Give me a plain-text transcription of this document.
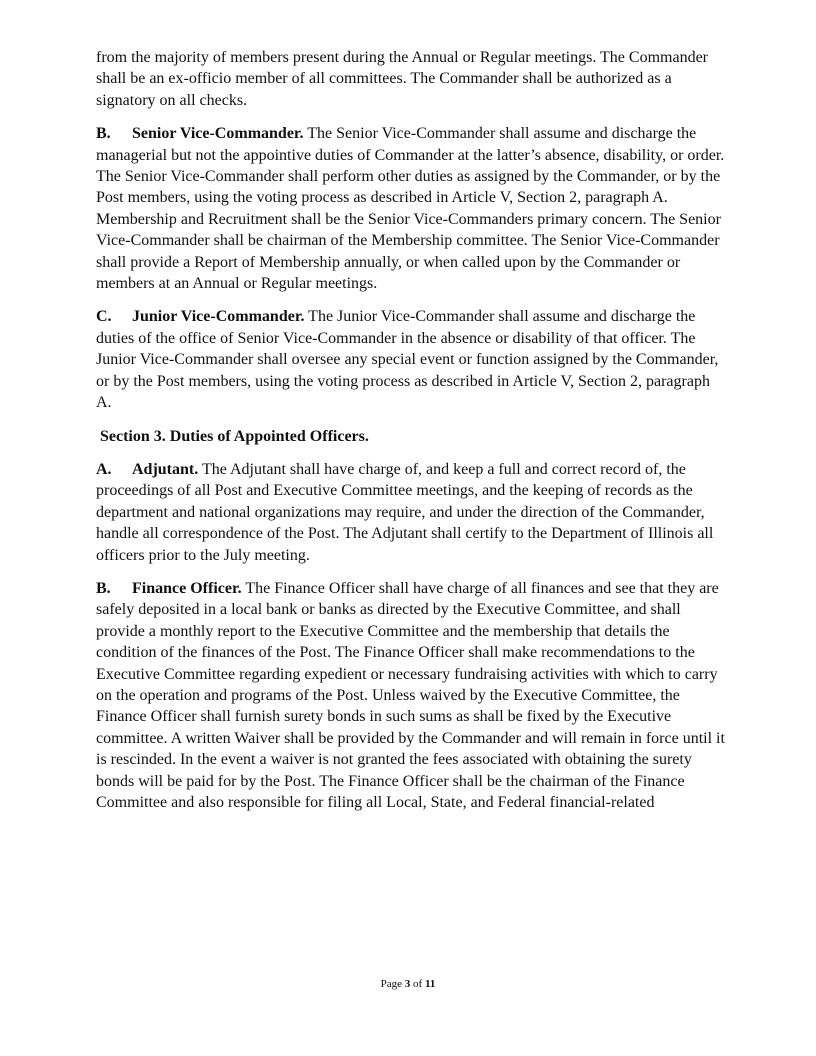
from the majority of members present during the Annual or Regular meetings. The Commander shall be an ex-officio member of all committees. The Commander shall be authorized as a signatory on all checks.

B. Senior Vice-Commander. The Senior Vice-Commander shall assume and discharge the managerial but not the appointive duties of Commander at the latter’s absence, disability, or order. The Senior Vice-Commander shall perform other duties as assigned by the Commander, or by the Post members, using the voting process as described in Article V, Section 2, paragraph A. Membership and Recruitment shall be the Senior Vice-Commanders primary concern. The Senior Vice-Commander shall be chairman of the Membership committee. The Senior Vice-Commander shall provide a Report of Membership annually, or when called upon by the Commander or members at an Annual or Regular meetings.

C. Junior Vice-Commander. The Junior Vice-Commander shall assume and discharge the duties of the office of Senior Vice-Commander in the absence or disability of that officer. The Junior Vice-Commander shall oversee any special event or function assigned by the Commander, or by the Post members, using the voting process as described in Article V, Section 2, paragraph A.

Section 3. Duties of Appointed Officers.

A. Adjutant. The Adjutant shall have charge of, and keep a full and correct record of, the proceedings of all Post and Executive Committee meetings, and the keeping of records as the department and national organizations may require, and under the direction of the Commander, handle all correspondence of the Post. The Adjutant shall certify to the Department of Illinois all officers prior to the July meeting.

B. Finance Officer. The Finance Officer shall have charge of all finances and see that they are safely deposited in a local bank or banks as directed by the Executive Committee, and shall provide a monthly report to the Executive Committee and the membership that details the condition of the finances of the Post. The Finance Officer shall make recommendations to the Executive Committee regarding expedient or necessary fundraising activities with which to carry on the operation and programs of the Post. Unless waived by the Executive Committee, the Finance Officer shall furnish surety bonds in such sums as shall be fixed by the Executive committee. A written Waiver shall be provided by the Commander and will remain in force until it is rescinded. In the event a waiver is not granted the fees associated with obtaining the surety bonds will be paid for by the Post. The Finance Officer shall be the chairman of the Finance Committee and also responsible for filing all Local, State, and Federal financial-related

Page 3 of 11
